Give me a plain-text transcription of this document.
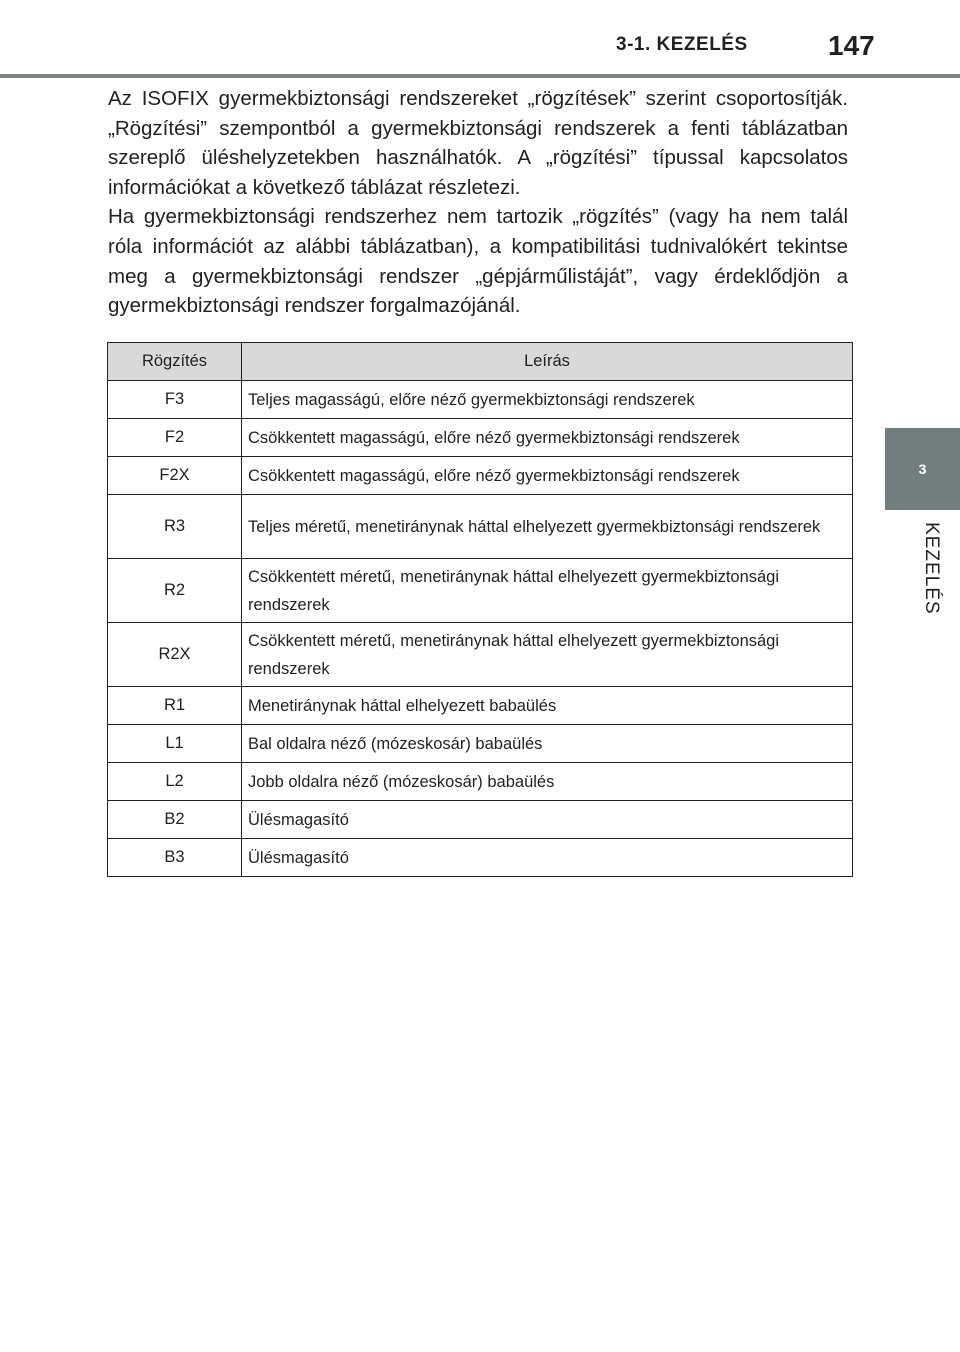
3-1. KEZELÉS	147
3
KEZELÉS

Az ISOFIX gyermekbiztonsági rendszereket „rögzítések” szerint csoportosítják. „Rögzítési” szempontból a gyermekbiztonsági rendszerek a fenti táblázatban szereplő üléshelyzetekben használhatók. A „rögzítési” típussal kapcsolatos információkat a következő táblázat részletezi.

Ha gyermekbiztonsági rendszerhez nem tartozik „rögzítés” (vagy ha nem talál róla információt az alábbi táblázatban), a kompatibilitási tudnivalókért tekintse meg a gyermekbiztonsági rendszer „gépjárműlistáját”, vagy érdeklődjön a gyermekbiztonsági rendszer forgalmazójánál.

Rögzítés	Leírás
F3	Teljes magasságú, előre néző gyermekbiztonsági rendszerek
F2	Csökkentett magasságú, előre néző gyermekbiztonsági rendszerek
F2X	Csökkentett magasságú, előre néző gyermekbiztonsági rendszerek
R3	Teljes méretű, menetiránynak háttal elhelyezett gyermekbiztonsági rendszerek
R2	Csökkentett méretű, menetiránynak háttal elhelyezett gyermekbiztonsági rendszerek
R2X	Csökkentett méretű, menetiránynak háttal elhelyezett gyermekbiztonsági rendszerek
R1	Menetiránynak háttal elhelyezett babaülés
L1	Bal oldalra néző (mózeskosár) babaülés
L2	Jobb oldalra néző (mózeskosár) babaülés
B2	Ülésmagasító
B3	Ülésmagasító
